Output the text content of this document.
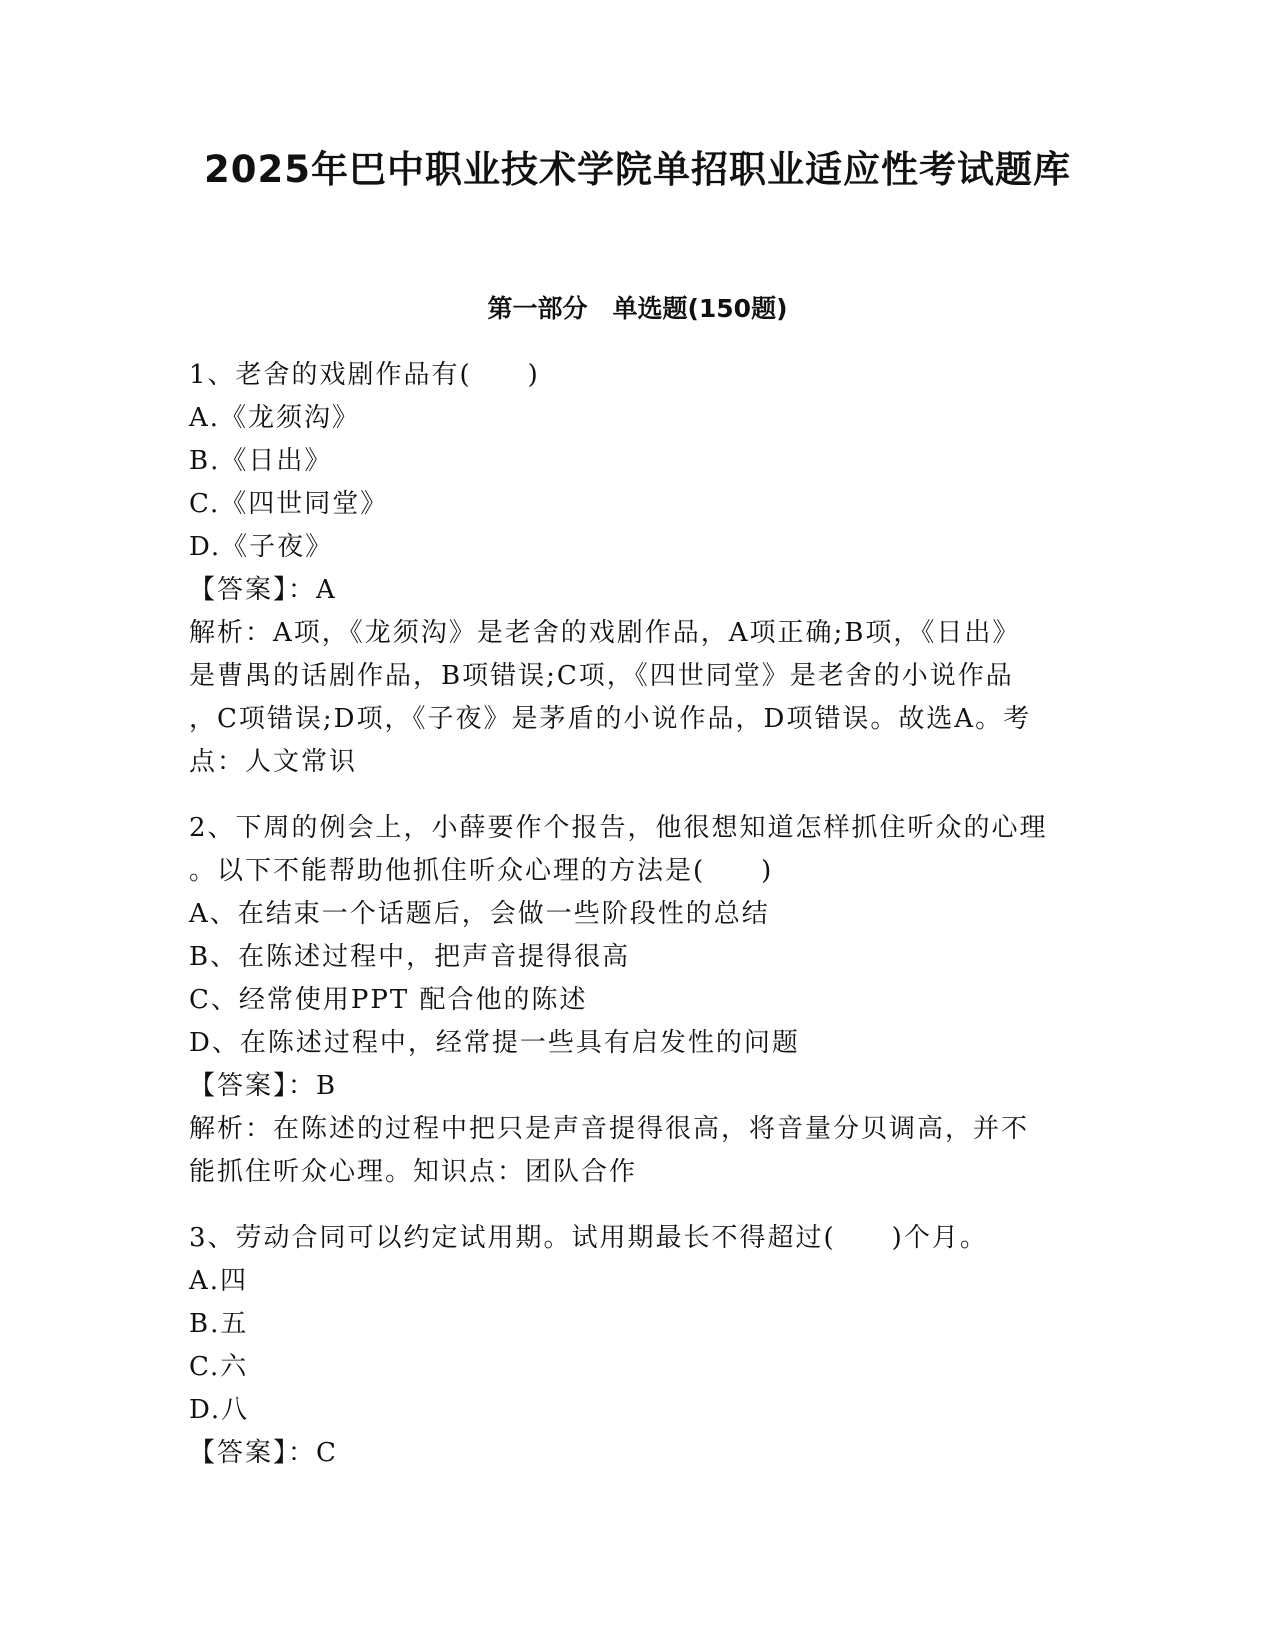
2025年巴中职业技术学院单招职业适应性考试题库
第一部分　单选题(150题)
1、老舍的戏剧作品有(　　)
A.《龙须沟》
B.《日出》
C.《四世同堂》
D.《子夜》
【答案】：A
解析：A项，《龙须沟》是老舍的戏剧作品，A项正确;B项，《日出》
是曹禺的话剧作品，B项错误;C项，《四世同堂》是老舍的小说作品
，C项错误;D项，《子夜》是茅盾的小说作品，D项错误。故选A。考
点：人文常识
2、下周的例会上，小薛要作个报告，他很想知道怎样抓住听众的心理
。以下不能帮助他抓住听众心理的方法是(　　)
A、在结束一个话题后，会做一些阶段性的总结
B、在陈述过程中，把声音提得很高
C、经常使用PPT 配合他的陈述
D、在陈述过程中，经常提一些具有启发性的问题
【答案】：B
解析：在陈述的过程中把只是声音提得很高，将音量分贝调高，并不
能抓住听众心理。知识点：团队合作
3、劳动合同可以约定试用期。试用期最长不得超过(　　)个月。
A.四
B.五
C.六
D.八
【答案】：C
